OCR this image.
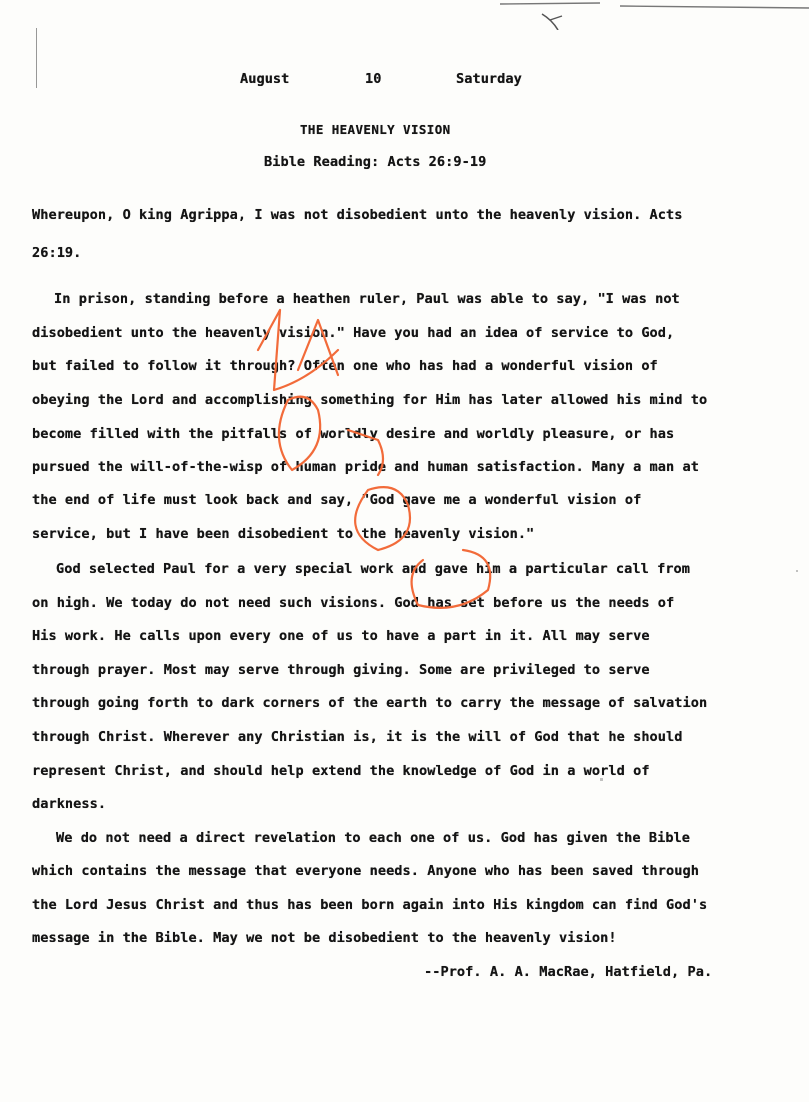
August	10	Saturday
THE HEAVENLY VISION
Bible Reading: Acts 26:9-19
Whereupon, O king Agrippa, I was not disobedient unto the heavenly vision. Acts
26:19.
In prison, standing before a heathen ruler, Paul was able to say, "I was not
disobedient unto the heavenly vision." Have you had an idea of service to God,
but failed to follow it through? Often one who has had a wonderful vision of
obeying the Lord and accomplishing something for Him has later allowed his mind to
become filled with the pitfalls of worldly desire and worldly pleasure, or has
pursued the will-of-the-wisp of human pride and human satisfaction. Many a man at
the end of life must look back and say, "God gave me a wonderful vision of
service, but I have been disobedient to the heavenly vision."
God selected Paul for a very special work and gave him a particular call from
on high. We today do not need such visions. God has set before us the needs of
His work. He calls upon every one of us to have a part in it. All may serve
through prayer. Most may serve through giving. Some are privileged to serve
through going forth to dark corners of the earth to carry the message of salvation
through Christ. Wherever any Christian is, it is the will of God that he should
represent Christ, and should help extend the knowledge of God in a world of
darkness.
We do not need a direct revelation to each one of us. God has given the Bible
which contains the message that everyone needs. Anyone who has been saved through
the Lord Jesus Christ and thus has been born again into His kingdom can find God's
message in the Bible. May we not be disobedient to the heavenly vision!
--Prof. A. A. MacRae, Hatfield, Pa.
